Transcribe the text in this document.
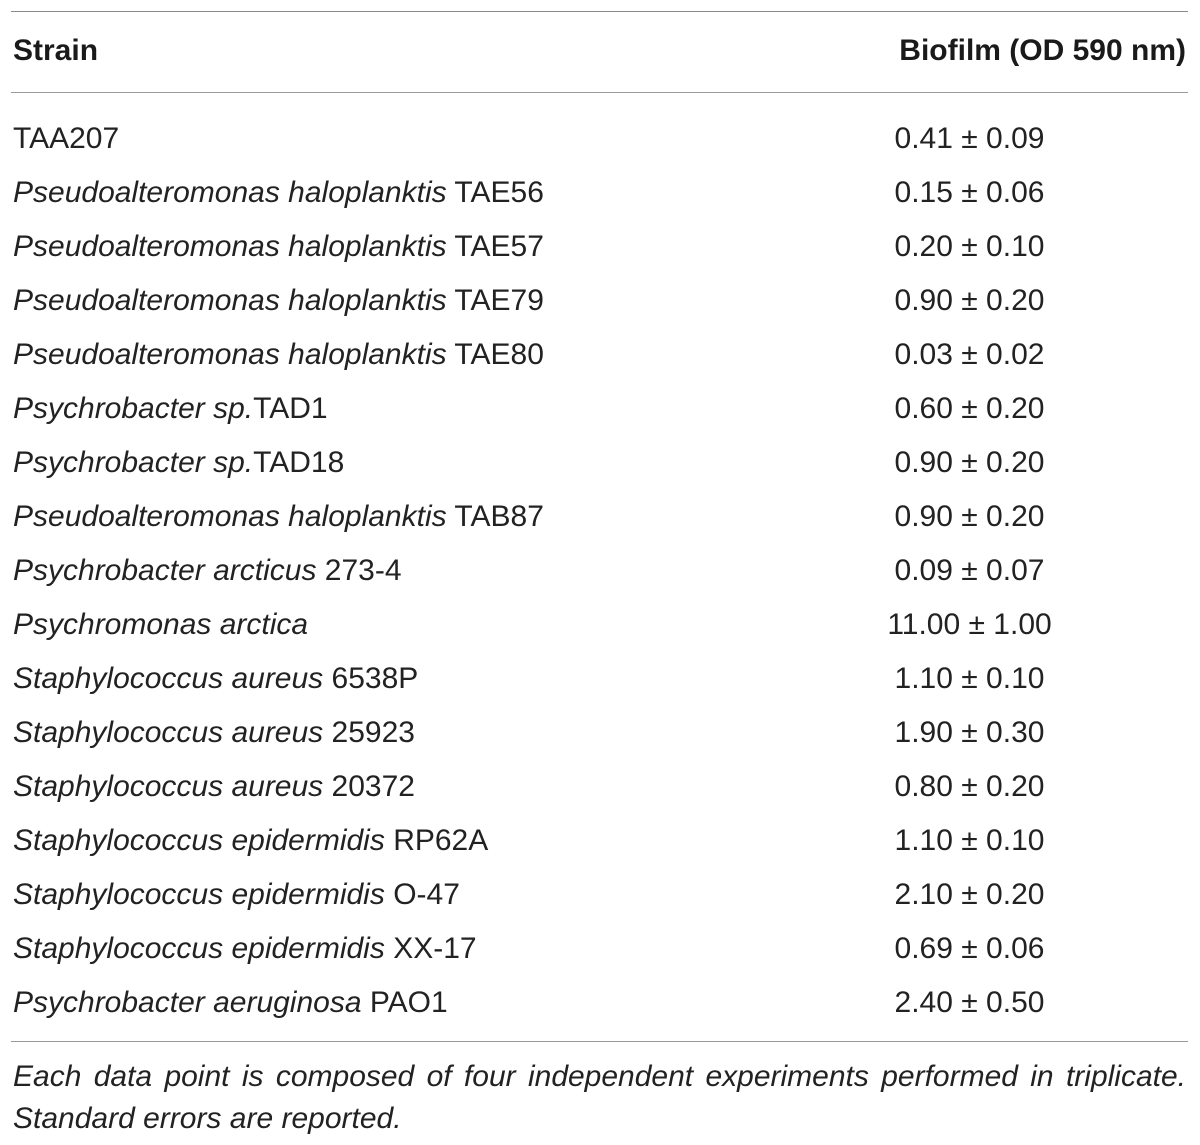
Strain	Biofilm (OD 590 nm)
TAA207	0.41 ± 0.09
Pseudoalteromonas haloplanktis TAE56	0.15 ± 0.06
Pseudoalteromonas haloplanktis TAE57	0.20 ± 0.10
Pseudoalteromonas haloplanktis TAE79	0.90 ± 0.20
Pseudoalteromonas haloplanktis TAE80	0.03 ± 0.02
Psychrobacter sp.TAD1	0.60 ± 0.20
Psychrobacter sp.TAD18	0.90 ± 0.20
Pseudoalteromonas haloplanktis TAB87	0.90 ± 0.20
Psychrobacter arcticus 273-4	0.09 ± 0.07
Psychromonas arctica	11.00 ± 1.00
Staphylococcus aureus 6538P	1.10 ± 0.10
Staphylococcus aureus 25923	1.90 ± 0.30
Staphylococcus aureus 20372	0.80 ± 0.20
Staphylococcus epidermidis RP62A	1.10 ± 0.10
Staphylococcus epidermidis O-47	2.10 ± 0.20
Staphylococcus epidermidis XX-17	0.69 ± 0.06
Psychrobacter aeruginosa PAO1	2.40 ± 0.50
Each data point is composed of four independent experiments performed in triplicate. Standard errors are reported.
